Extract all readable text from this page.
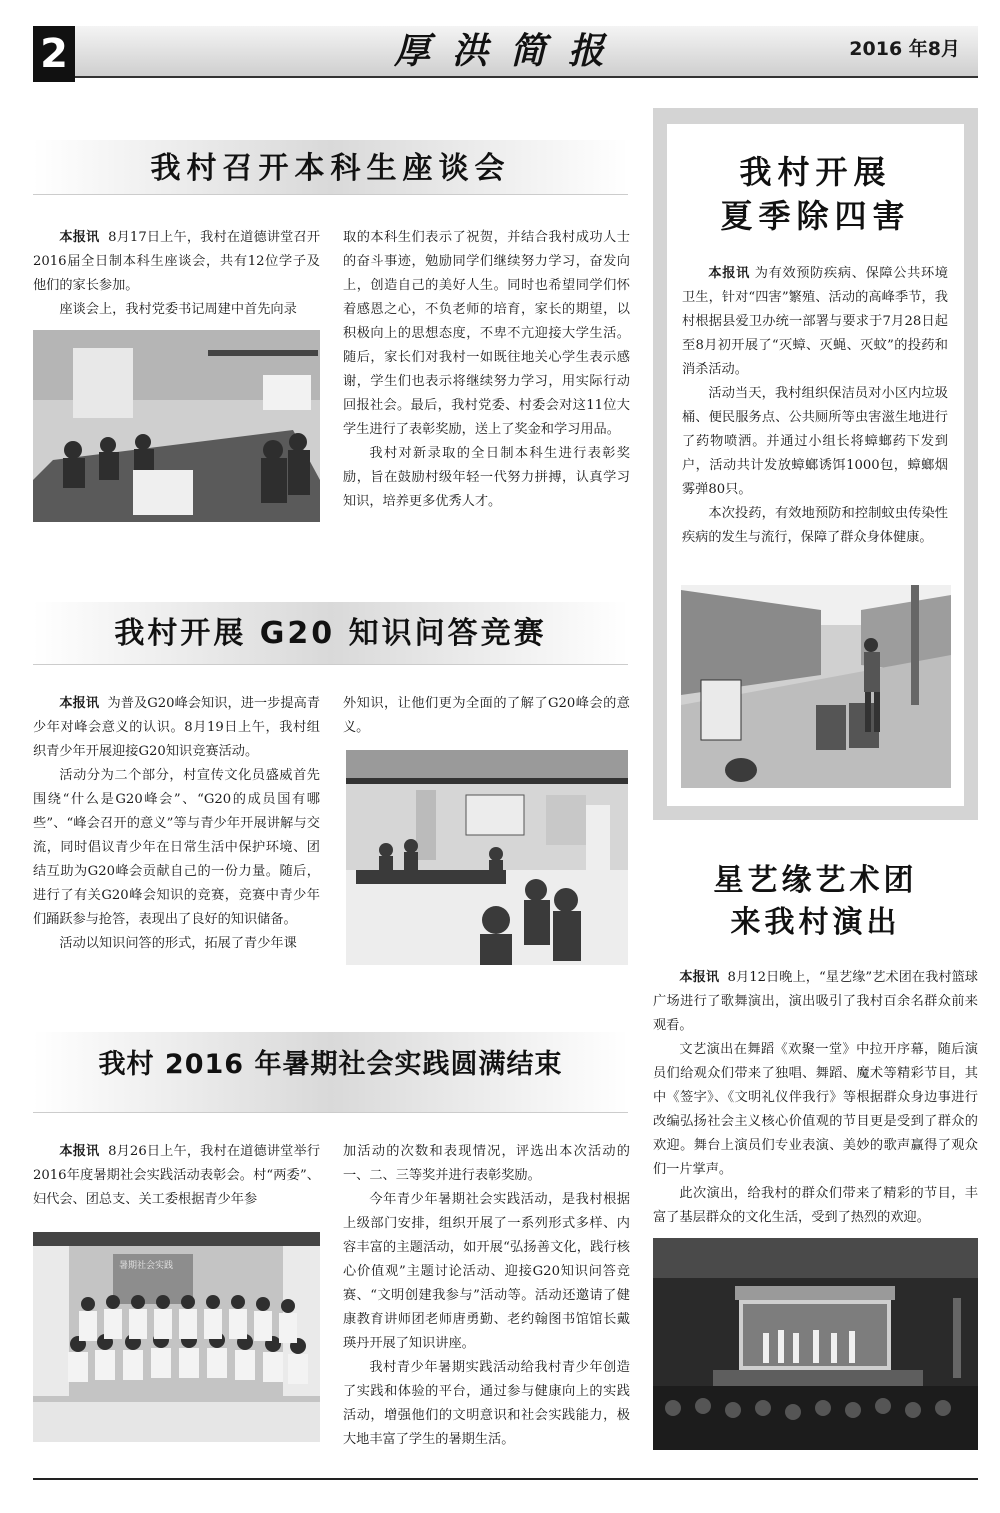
2	厚洪简报	2016 年8月
我村召开本科生座谈会

本报讯 8月17日上午，我村在道德讲堂召开2016届全日制本科生座谈会，共有12位学子及他们的家长参加。

座谈会上，我村党委书记周建中首先向录

取的本科生们表示了祝贺，并结合我村成功人士的奋斗事迹，勉励同学们继续努力学习，奋发向上，创造自己的美好人生。同时也希望同学们怀着感恩之心，不负老师的培育，家长的期望，以积极向上的思想态度，不卑不亢迎接大学生活。随后，家长们对我村一如既往地关心学生表示感谢，学生们也表示将继续努力学习，用实际行动回报社会。最后，我村党委、村委会对这11位大学生进行了表彰奖励，送上了奖金和学习用品。

我村对新录取的全日制本科生进行表彰奖励，旨在鼓励村级年轻一代努力拼搏，认真学习知识，培养更多优秀人才。

我村开展 G20 知识问答竞赛

本报讯 为普及G20峰会知识，进一步提高青少年对峰会意义的认识。8月19日上午，我村组织青少年开展迎接G20知识竞赛活动。

活动分为二个部分，村宣传文化员盛威首先围绕“什么是G20峰会”、“G20的成员国有哪些”、“峰会召开的意义”等与青少年开展讲解与交流，同时倡议青少年在日常生活中保护环境、团结互助为G20峰会贡献自己的一份力量。随后，进行了有关G20峰会知识的竞赛，竞赛中青少年们踊跃参与抢答，表现出了良好的知识储备。

活动以知识问答的形式，拓展了青少年课

外知识，让他们更为全面的了解了G20峰会的意义。

我村 2016 年暑期社会实践圆满结束

本报讯 8月26日上午，我村在道德讲堂举行2016年度暑期社会实践活动表彰会。村“两委”、妇代会、团总支、关工委根据青少年参

暑期社会实践

加活动的次数和表现情况，评选出本次活动的一、二、三等奖并进行表彰奖励。

今年青少年暑期社会实践活动，是我村根据上级部门安排，组织开展了一系列形式多样、内容丰富的主题活动，如开展“弘扬善文化，践行核心价值观”主题讨论活动、迎接G20知识问答竞赛、“文明创建我参与”活动等。活动还邀请了健康教育讲师团老师唐勇勤、老约翰图书馆馆长戴瑛丹开展了知识讲座。

我村青少年暑期实践活动给我村青少年创造了实践和体验的平台，通过参与健康向上的实践活动，增强他们的文明意识和社会实践能力，极大地丰富了学生的暑期生活。

我村开展
夏季除四害

本报讯 为有效预防疾病、保障公共环境卫生，针对“四害”繁殖、活动的高峰季节，我村根据县爱卫办统一部署与要求于7月28日起至8月初开展了“灭蟑、灭蝇、灭蚊”的投药和消杀活动。

活动当天，我村组织保洁员对小区内垃圾桶、便民服务点、公共厕所等虫害滋生地进行了药物喷洒。并通过小组长将蟑螂药下发到户，活动共计发放蟑螂诱饵1000包，蟑螂烟雾弹80只。

本次投药，有效地预防和控制蚊虫传染性疾病的发生与流行，保障了群众身体健康。

星艺缘艺术团
来我村演出

本报讯 8月12日晚上，“星艺缘”艺术团在我村篮球广场进行了歌舞演出，演出吸引了我村百余名群众前来观看。

文艺演出在舞蹈《欢聚一堂》中拉开序幕，随后演员们给观众们带来了独唱、舞蹈、魔术等精彩节目，其中《签字》、《文明礼仪伴我行》等根据群众身边事进行改编弘扬社会主义核心价值观的节目更是受到了群众的欢迎。舞台上演员们专业表演、美妙的歌声赢得了观众们一片掌声。

此次演出，给我村的群众们带来了精彩的节目，丰富了基层群众的文化生活，受到了热烈的欢迎。
